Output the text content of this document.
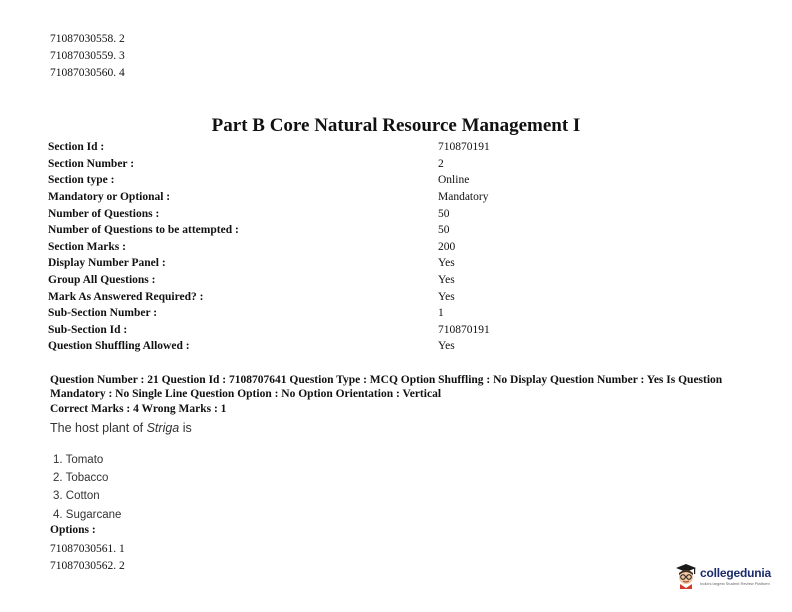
71087030558. 2
71087030559. 3
71087030560. 4
Part B Core Natural Resource Management I
Section Id :	710870191
Section Number :	2
Section type :	Online
Mandatory or Optional :	Mandatory
Number of Questions :	50
Number of Questions to be attempted :	50
Section Marks :	200
Display Number Panel :	Yes
Group All Questions :	Yes
Mark As Answered Required? :	Yes
Sub-Section Number :	1
Sub-Section Id :	710870191
Question Shuffling Allowed :	Yes
Question Number : 21 Question Id : 7108707641 Question Type : MCQ Option Shuffling : No Display Question Number : Yes Is Question Mandatory : No Single Line Question Option : No Option Orientation : Vertical
Correct Marks : 4 Wrong Marks : 1
The host plant of Striga is
1. Tomato
2. Tobacco
3. Cotton
4. Sugarcane
Options :
71087030561. 1
71087030562. 2
collegedunia
India's largest Student Review Platform
